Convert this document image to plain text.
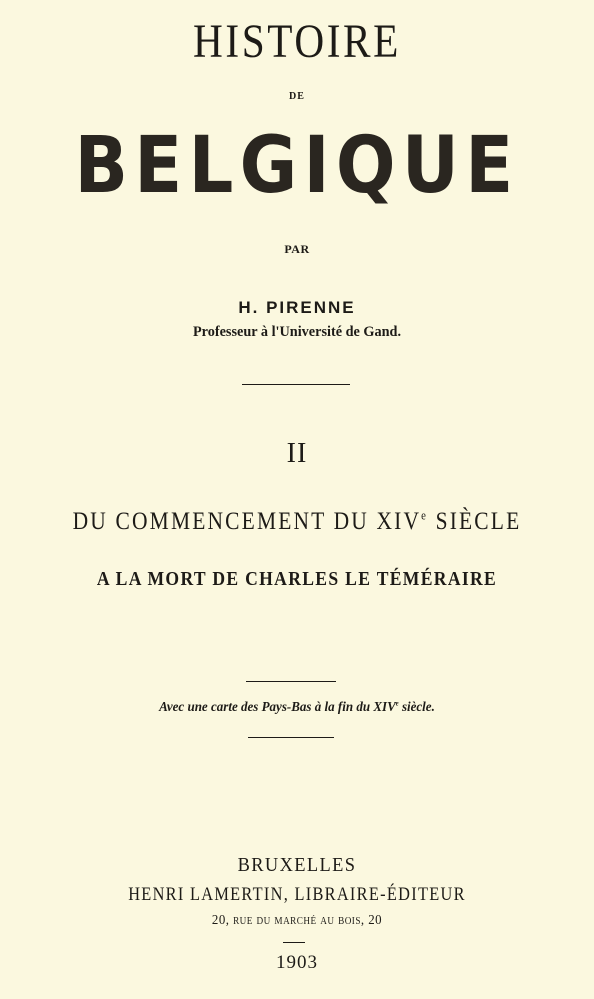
HISTOIRE
DE
BELGIQUE
PAR
H. PIRENNE
Professeur à l'Université de Gand.
II
DU COMMENCEMENT DU XIVe SIÈCLE
A LA MORT DE CHARLES LE TÉMÉRAIRE
Avec une carte des Pays-Bas à la fin du XIVe siècle.
BRUXELLES
HENRI LAMERTIN, LIBRAIRE-ÉDITEUR
20, rue du marché au bois, 20
1903
